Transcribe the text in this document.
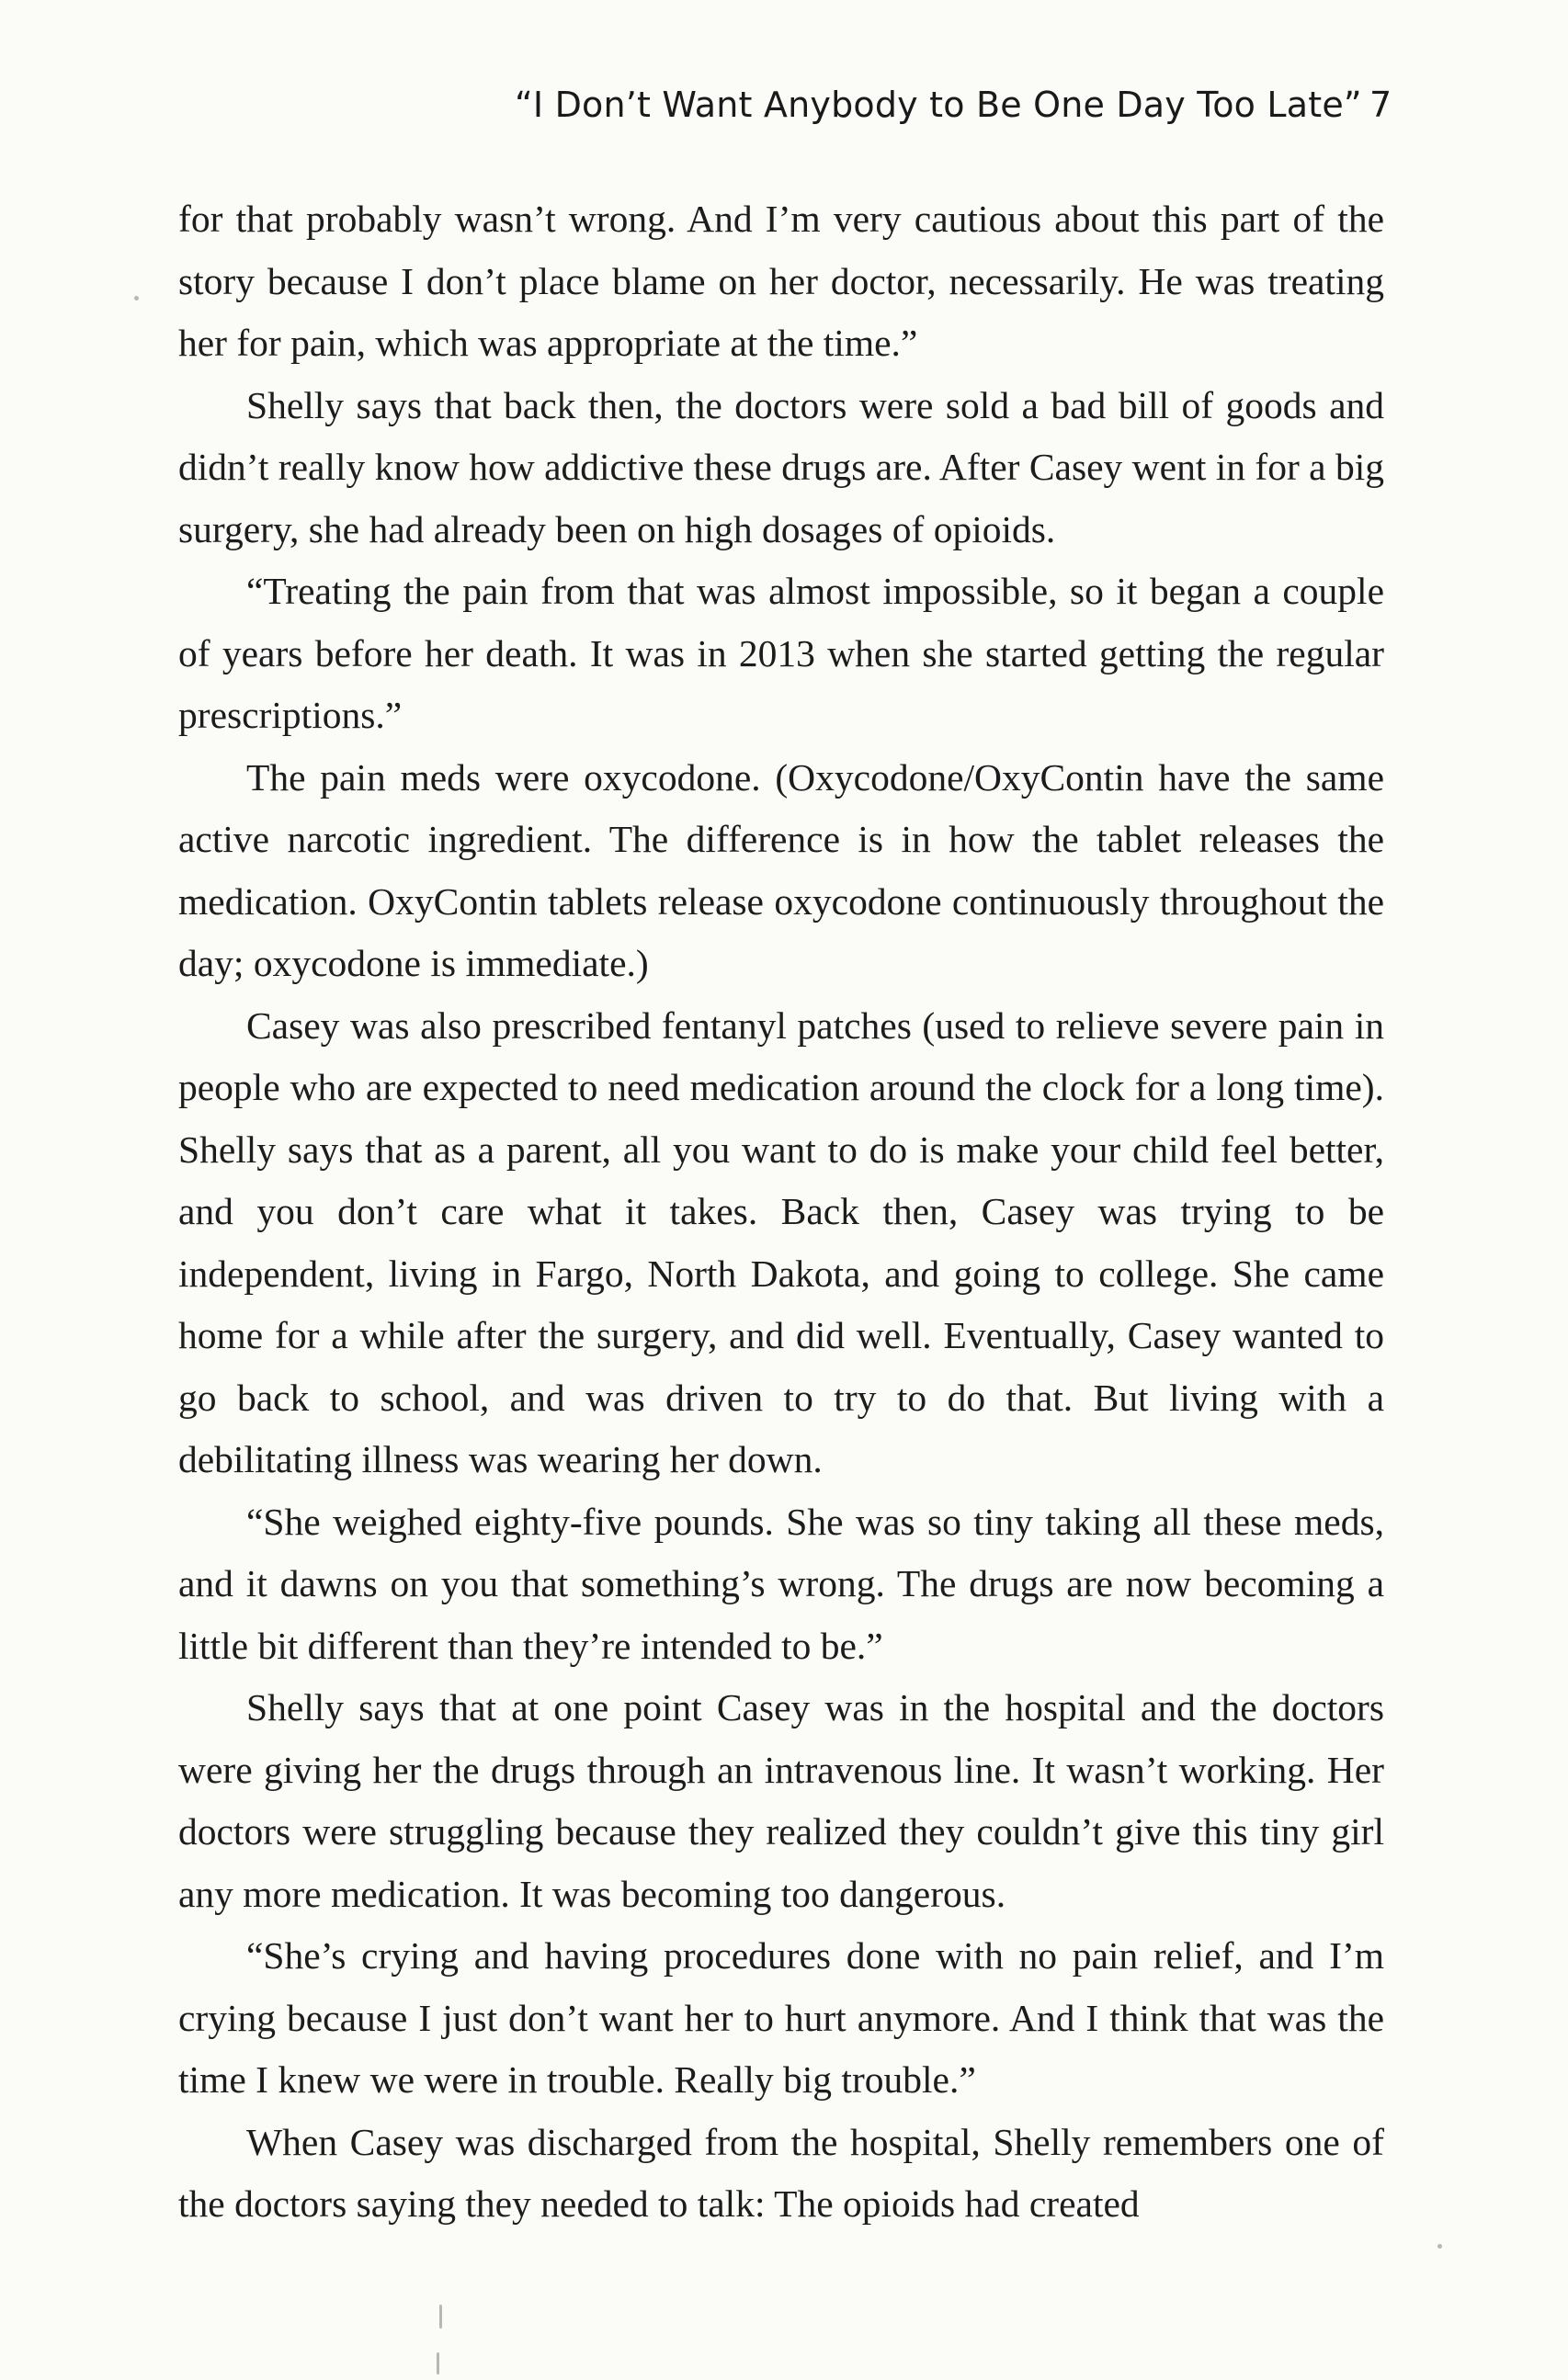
“I Don’t Want Anybody to Be One Day Too Late” 7

for that probably wasn’t wrong. And I’m very cautious about this part of the story because I don’t place blame on her doctor, necessarily. He was treating her for pain, which was appropriate at the time.”

Shelly says that back then, the doctors were sold a bad bill of goods and didn’t really know how addictive these drugs are. After Casey went in for a big surgery, she had already been on high dosages of opioids.

“Treating the pain from that was almost impossible, so it began a couple of years before her death. It was in 2013 when she started getting the regular prescriptions.”

The pain meds were oxycodone. (Oxycodone/OxyContin have the same active narcotic ingredient. The difference is in how the tablet releases the medication. OxyContin tablets release oxycodone continuously throughout the day; oxycodone is immediate.)

Casey was also prescribed fentanyl patches (used to relieve severe pain in people who are expected to need medication around the clock for a long time). Shelly says that as a parent, all you want to do is make your child feel better, and you don’t care what it takes. Back then, Casey was trying to be independent, living in Fargo, North Dakota, and going to college. She came home for a while after the surgery, and did well. Eventually, Casey wanted to go back to school, and was driven to try to do that. But living with a debilitating illness was wearing her down.

“She weighed eighty-five pounds. She was so tiny taking all these meds, and it dawns on you that something’s wrong. The drugs are now becoming a little bit different than they’re intended to be.”

Shelly says that at one point Casey was in the hospital and the doctors were giving her the drugs through an intravenous line. It wasn’t working. Her doctors were struggling because they realized they couldn’t give this tiny girl any more medication. It was becoming too dangerous.

“She’s crying and having procedures done with no pain relief, and I’m crying because I just don’t want her to hurt anymore. And I think that was the time I knew we were in trouble. Really big trouble.”

When Casey was discharged from the hospital, Shelly remembers one of the doctors saying they needed to talk: The opioids had created
